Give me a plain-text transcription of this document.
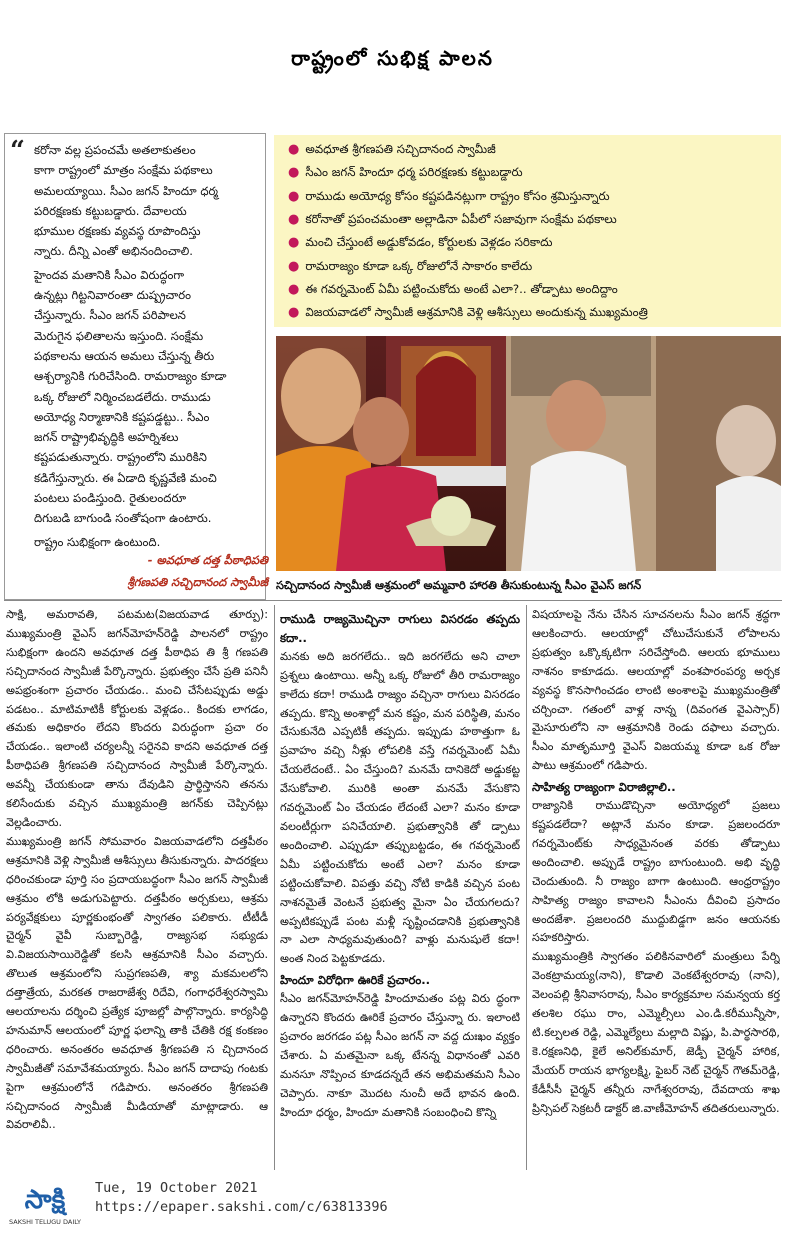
రాష్ట్రంలో సుభిక్ష పాలన
“ కరోనా వల్ల ప్రపంచమే అతలాకుతలం
కాగా రాష్ట్రంలో మాత్రం సంక్షేమ పథకాలు
అమలయ్యాయి. సీఎం జగన్ హిందూ ధర్మ
పరిరక్షణకు కట్టుబడ్డారు. దేవాలయ
భూముల రక్షణకు వ్యవస్థ రూపొందిస్తు
న్నారు. దీన్ని ఎంతో అభినందించాలి.
హైందవ మతానికి సీఎం విరుద్ధంగా
ఉన్నట్లు గిట్టనివారంతా దుష్ప్రచారం
చేస్తున్నారు. సీఎం జగన్ పరిపాలన
మెరుగైన ఫలితాలను ఇస్తుంది. సంక్షేమ
పథకాలను ఆయన అమలు చేస్తున్న తీరు
ఆశ్చర్యానికి గురిచేసింది. రామరాజ్యం కూడా
ఒక్క రోజులో నిర్మించబడలేదు. రాముడు
అయోధ్య నిర్మాణానికి కష్టపడ్డట్టు.. సీఎం
జగన్ రాష్ట్రాభివృద్ధికి అహర్నిశలు
కష్టపడుతున్నారు. రాష్ట్రంలోని మురికిని
కడిగేస్తున్నారు. ఈ ఏడాది కృష్ణవేణి మంచి
పంటలు పండిస్తుంది. రైతులందరూ
దిగుబడి బాగుండి సంతోషంగా ఉంటారు.
రాష్ట్రం సుభిక్షంగా ఉంటుంది.
- అవధూత దత్త పీఠాధిపతి
శ్రీగణపతి సచ్చిదానంద స్వామీజీ
● అవధూత శ్రీగణపతి సచ్చిదానంద స్వామీజీ
● సీఎం జగన్ హిందూ ధర్మ పరిరక్షణకు కట్టుబడ్డారు
● రాముడు అయోధ్య కోసం కష్టపడినట్లుగా రాష్ట్రం కోసం శ్రమిస్తున్నారు
● కరోనాతో ప్రపంచమంతా అల్లాడినా ఏపీలో సజావుగా సంక్షేమ పథకాలు
● మంచి చేస్తుంటే అడ్డుకోవడం, కోర్టులకు వెళ్లడం సరికాదు
● రామరాజ్యం కూడా ఒక్క రోజులోనే సాకారం కాలేదు
● ఈ గవర్నమెంట్ ఏమీ పట్టించుకోదు అంటే ఎలా?.. తోడ్పాటు అందిద్దాం
● విజయవాడలో స్వామీజీ ఆశ్రమానికి వెళ్లి ఆశీస్సులు అందుకున్న ముఖ్యమంత్రి
సచ్చిదానంద స్వామీజీ ఆశ్రమంలో అమ్మవారి హారతి తీసుకుంటున్న సీఎం వైఎస్ జగన్

సాక్షి, అమరావతి, పటమట(విజయవాడ తూర్పు): ముఖ్యమంత్రి వైఎస్ జగన్‌మోహన్‌రెడ్డి పాలనలో రాష్ట్రం సుభిక్షంగా ఉందని అవధూత దత్త పీఠాధిప తి శ్రీ గణపతి సచ్చిదానంద స్వామీజీ పేర్కొన్నారు. ప్రభుత్వం చేసే ప్రతి పనినీ అపభ్రంశంగా ప్రచారం చేయడం.. మంచి చేసేటప్పుడు అడ్డు పడటం.. మాటిమాటికీ కోర్టులకు వెళ్లడం.. కిందకు లాగడం, తమకు అధికారం లేదని కొందరు విరుద్ధంగా ప్రచా రం చేయడం.. ఇలాంటి చర్యలన్నీ సరైనవి కాదని అవధూత దత్త పీఠాధిపతి శ్రీగణపతి సచ్చిదానంద స్వామీజీ పేర్కొన్నారు. అవన్నీ చేయకుండా తాను దేవుడిని ప్రార్థిస్తానని తనను కలిసేందుకు వచ్చిన ముఖ్యమంత్రి జగన్‌కు చెప్పినట్లు వెల్లడించారు.

ముఖ్యమంత్రి జగన్ సోమవారం విజయవాడలోని దత్తపీఠం ఆశ్రమానికి వెళ్లి స్వామీజీ ఆశీస్సులు తీసుకున్నారు. పాదరక్షలు ధరించకుండా పూర్తి సం ప్రదాయబద్ధంగా సీఎం జగన్ స్వామీజీ ఆశ్రమం లోకి అడుగుపెట్టారు. దత్తపీఠం అర్చకులు, ఆశ్రమ పర్యవేక్షకులు పూర్ణకుంభంతో స్వాగతం పలికారు. టీటీడీ చైర్మన్ వైవీ సుబ్బారెడ్డి, రాజ్యసభ సభ్యుడు వి.విజయసాయిరెడ్డితో కలసి ఆశ్రమానికి సీఎం వచ్చారు. తొలుత ఆశ్రమంలోని సుప్రగణపతి, శ్యా మకమలలోని దత్తాత్రేయ, మరకత రాజరాజేశ్వ రిదేవి, గంగాధరేశ్వరస్వామి ఆలయాలను దర్శించి ప్రత్యేక పూజల్లో పాల్గొన్నారు. కార్యసిద్ధి హనుమాన్ ఆలయంలో పూర్ణ ఫలాన్ని తాకి చేతికి రక్ష కంకణం ధరించారు. అనంతరం అవధూత శ్రీగణపతి స చ్చిదానంద స్వామీజీతో సమావేశమయ్యారు. సీఎం జగన్ దాదాపు గంటకు పైగా ఆశ్రమంలోనే గడిపారు. అనంతరం శ్రీగణపతి సచ్చిదానంద స్వామీజీ మీడియాతో మాట్లాడారు. ఆ వివరాలివీ..

రాముడి రాజ్యమొచ్చినా రాగులు విసరడం తప్పదు కదా..

మనకు అది జరగలేదు.. ఇది జరగలేదు అని చాలా ప్రశ్నలు ఉంటాయి. అన్నీ ఒక్క రోజులో తీరి రామరాజ్యం కాలేదు కదా! రాముడి రాజ్యం వచ్చినా రాగులు విసరడం తప్పదు. కొన్ని అంశాల్లో మన కష్టం, మన పరిస్థితి, మనం చేసుకునేది ఎప్పటికీ తప్పదు. ఇప్పుడు హఠాత్తుగా ఓ ప్రవాహం వచ్చి నీళ్లు లోపలికి వస్తే గవర్నమెంట్ ఏమీ చేయలేదంటే.. ఏం చేస్తుంది? మనమే దానికెదో అడ్డుకట్ట వేసుకోవాలి. మురికి అంతా మనమే వేసుకొని గవర్నమెంట్ ఏం చేయడం లేదంటే ఎలా? మనం కూడా వలంటీర్లుగా పనిచేయాలి. ప్రభుత్వానికి తో డ్పాటు అందించాలి. ఎప్పుడూ తప్పుబట్టడం, ఈ గవర్నమెంట్ ఏమీ పట్టించుకోదు అంటే ఎలా? మనం కూడా పట్టించుకోవాలి. విపత్తు వచ్చి నోటి కాడికి వచ్చిన పంట నాశనమైతే వెంటనే ప్రభుత్వ మైనా ఏం చేయగలదు? అప్పటికప్పుడే పంట మళ్లీ సృష్టించడానికి ప్రభుత్వానికి నా ఎలా సాధ్యమవుతుంది? వాళ్లు మనుషులే కదా! అంత నింద పెట్టకూడదు.

హిందూ విరోధిగా ఊరికే ప్రచారం..

సీఎం జగన్‌మోహన్‌రెడ్డి హిందూమతం పట్ల విరు ద్ధంగా ఉన్నారని కొందరు ఊరికే ప్రచారం చేస్తున్నా రు. ఇలాంటి ప్రచారం జరగడం పట్ల సీఎం జగన్ నా వద్ద దుఃఖం వ్యక్తం చేశారు. ఏ మతమైనా ఒక్క టేనన్న విధానంతో ఎవరి మనసూ నొప్పించ కూడదన్నదే తన అభిమతమని సీఎం చెప్పారు. నాకూ మొదట నుంచీ అదే భావన ఉంది. హిందూ ధర్మం, హిందూ మతానికి సంబంధించి కొన్ని

విషయాలపై నేను చేసిన సూచనలను సీఎం జగన్ శ్రద్ధగా ఆలకించారు. ఆలయాల్లో చోటుచేసుకునే లోపాలను ప్రభుత్వం ఒక్కొక్కటిగా సరిచేస్తోంది. ఆలయ భూములు నాశనం కాకూడదు. ఆలయాల్లో వంశపారంపర్య అర్చక వ్యవస్థ కొనసాగించడం లాంటి అంశాలపై ముఖ్యమంత్రితో చర్చించా. గతంలో వాళ్ల నాన్న (దివంగత వైఎస్సార్) మైసూరులోని నా ఆశ్రమానికి రెండు దఫాలు వచ్చారు. సీఎం మాతృమూర్తి వైఎస్ విజయమ్మ కూడా ఒక రోజు పాటు ఆశ్రమంలో గడిపారు.

సాహిత్య రాజ్యంగా విరాజిల్లాలి..

రాజ్యానికి రాముడొచ్చినా అయోధ్యలో ప్రజలు కష్టపడలేదా? అట్లానే మనం కూడా. ప్రజలందరూ గవర్నమెంట్‌కు సాధ్యమైనంత వరకు తోడ్పాటు అందించాలి. అప్పుడే రాష్ట్రం బాగుంటుంది. అభి వృద్ధి చెందుతుంది. నీ రాజ్యం బాగా ఉంటుంది. ఆంధ్రరాష్ట్రం సాహిత్య రాజ్యం కావాలని సీఎంను దీవించి ప్రసాదం అందజేశా. ప్రజలందరి ముద్దుబిడ్డగా జనం ఆయనకు సహకరిస్తారు.

ముఖ్యమంత్రికి స్వాగతం పలికినవారిలో మంత్రులు పేర్ని వెంకట్రామయ్య(నాని), కొడాలి వెంకటేశ్వరరావు (నాని), వెలంపల్లి శ్రీనివాసరావు, సీఎం కార్యక్రమాల సమన్వయ కర్త తలశిల రఘు రాం, ఎమ్మెల్సీలు ఎం.డి.కరీమున్నీసా, టి.కల్పలత రెడ్డి, ఎమ్మెల్యేలు మల్లాది విష్ణు, పి.పార్థసారథి, కె.రక్షణనిధి, కైలే అనిల్‌కుమార్, జెడ్పీ చైర్మన్ హారిక, మేయర్ రాయన భాగ్యలక్ష్మి, ఫైబర్ నెట్ చైర్మన్ గౌతమ్‌రెడ్డి, కేడీసీసీ చైర్మన్ తన్నీరు నాగేశ్వరరావు, దేవదాయ శాఖ ప్రిన్సిపల్ సెక్రటరీ డాక్టర్ జి.వాణీమోహన్ తదితరులున్నారు.

సాక్షి
SAKSHI TELUGU DAILY
Tue, 19 October 2021
https://epaper.sakshi.com/c/63813396
